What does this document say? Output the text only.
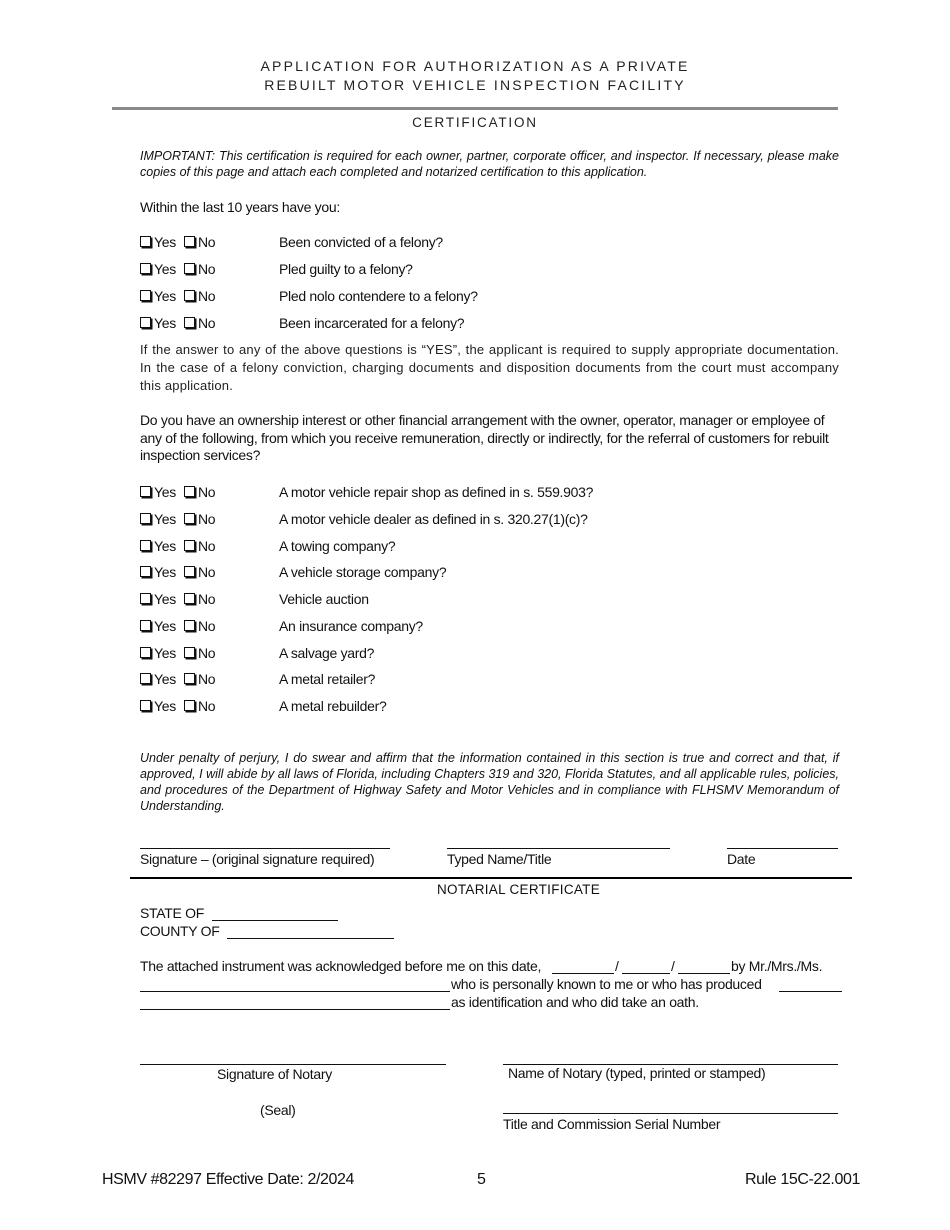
APPLICATION FOR AUTHORIZATION AS A PRIVATE
REBUILT MOTOR VEHICLE INSPECTION FACILITY
CERTIFICATION
IMPORTANT: This certification is required for each owner, partner, corporate officer, and inspector. If necessary, please make copies of this page and attach each completed and notarized certification to this application.
Within the last 10 years have you:
Yes No	Been convicted of a felony?
Yes No	Pled guilty to a felony?
Yes No	Pled nolo contendere to a felony?
Yes No	Been incarcerated for a felony?
If the answer to any of the above questions is “YES”, the applicant is required to supply appropriate documentation. In the case of a felony conviction, charging documents and disposition documents from the court must accompany this application.
Do you have an ownership interest or other financial arrangement with the owner, operator, manager or employee of any of the following, from which you receive remuneration, directly or indirectly, for the referral of customers for rebuilt inspection services?
Yes No	A motor vehicle repair shop as defined in s. 559.903?
Yes No	A motor vehicle dealer as defined in s. 320.27(1)(c)?
Yes No	A towing company?
Yes No	A vehicle storage company?
Yes No	Vehicle auction
Yes No	An insurance company?
Yes No	A salvage yard?
Yes No	A metal retailer?
Yes No	A metal rebuilder?
Under penalty of perjury, I do swear and affirm that the information contained in this section is true and correct and that, if approved, I will abide by all laws of Florida, including Chapters 319 and 320, Florida Statutes, and all applicable rules, policies, and procedures of the Department of Highway Safety and Motor Vehicles and in compliance with FLHSMV Memorandum of Understanding.
Signature – (original signature required)	Typed Name/Title	Date
NOTARIAL CERTIFICATE
STATE OF
COUNTY OF
The attached instrument was acknowledged before me on this date,	/	/	by Mr./Mrs./Ms.
who is personally known to me or who has produced
as identification and who did take an oath.
Signature of Notary	Name of Notary (typed, printed or stamped)
(Seal)
Title and Commission Serial Number
HSMV #82297 Effective Date: 2/2024	5	Rule 15C-22.001
